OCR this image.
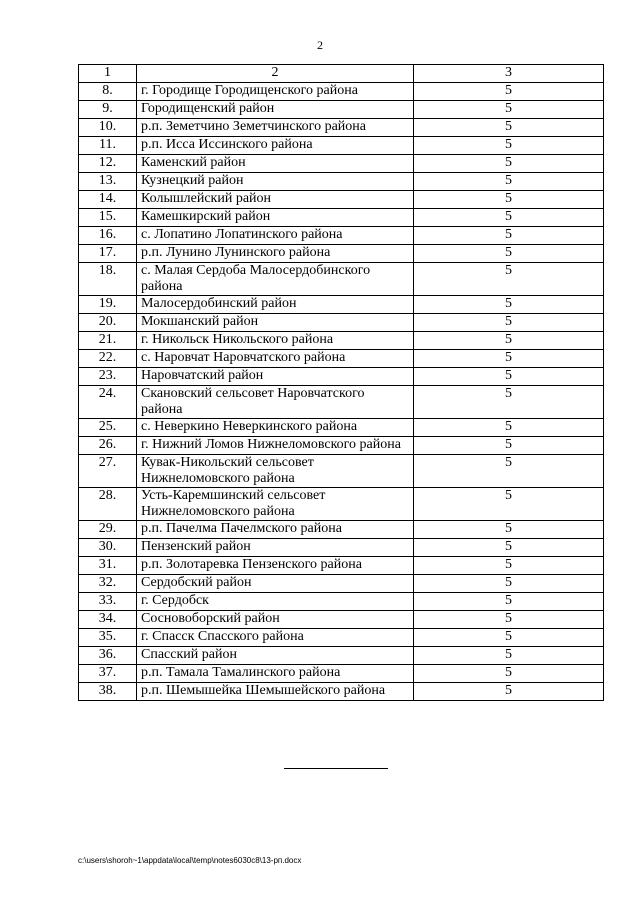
2
1	2	3
8.	г. Городище Городищенского района	5
9.	Городищенский район	5
10.	р.п. Земетчино Земетчинского района	5
11.	р.п. Исса Иссинского района	5
12.	Каменский район	5
13.	Кузнецкий район	5
14.	Колышлейский район	5
15.	Камешкирский район	5
16.	с. Лопатино Лопатинского района	5
17.	р.п. Лунино Лунинского района	5
18.	с. Малая Сердоба Малосердобинского района	5
19.	Малосердобинский район	5
20.	Мокшанский район	5
21.	г. Никольск Никольского района	5
22.	с. Наровчат Наровчатского района	5
23.	Наровчатский район	5
24.	Скановский сельсовет Наровчатского района	5
25.	с. Неверкино Неверкинского района	5
26.	г. Нижний Ломов Нижнеломовского района	5
27.	Кувак-Никольский сельсовет Нижнеломовского района	5
28.	Усть-Каремшинский сельсовет Нижнеломовского района	5
29.	р.п. Пачелма Пачелмского района	5
30.	Пензенский район	5
31.	р.п. Золотаревка Пензенского района	5
32.	Сердобский район	5
33.	г. Сердобск	5
34.	Сосновоборский район	5
35.	г. Спасск Спасского района	5
36.	Спасский район	5
37.	р.п. Тамала Тамалинского района	5
38.	р.п. Шемышейка Шемышейского района	5
c:\users\shoroh~1\appdata\local\temp\notes6030c8\13-рп.docx
